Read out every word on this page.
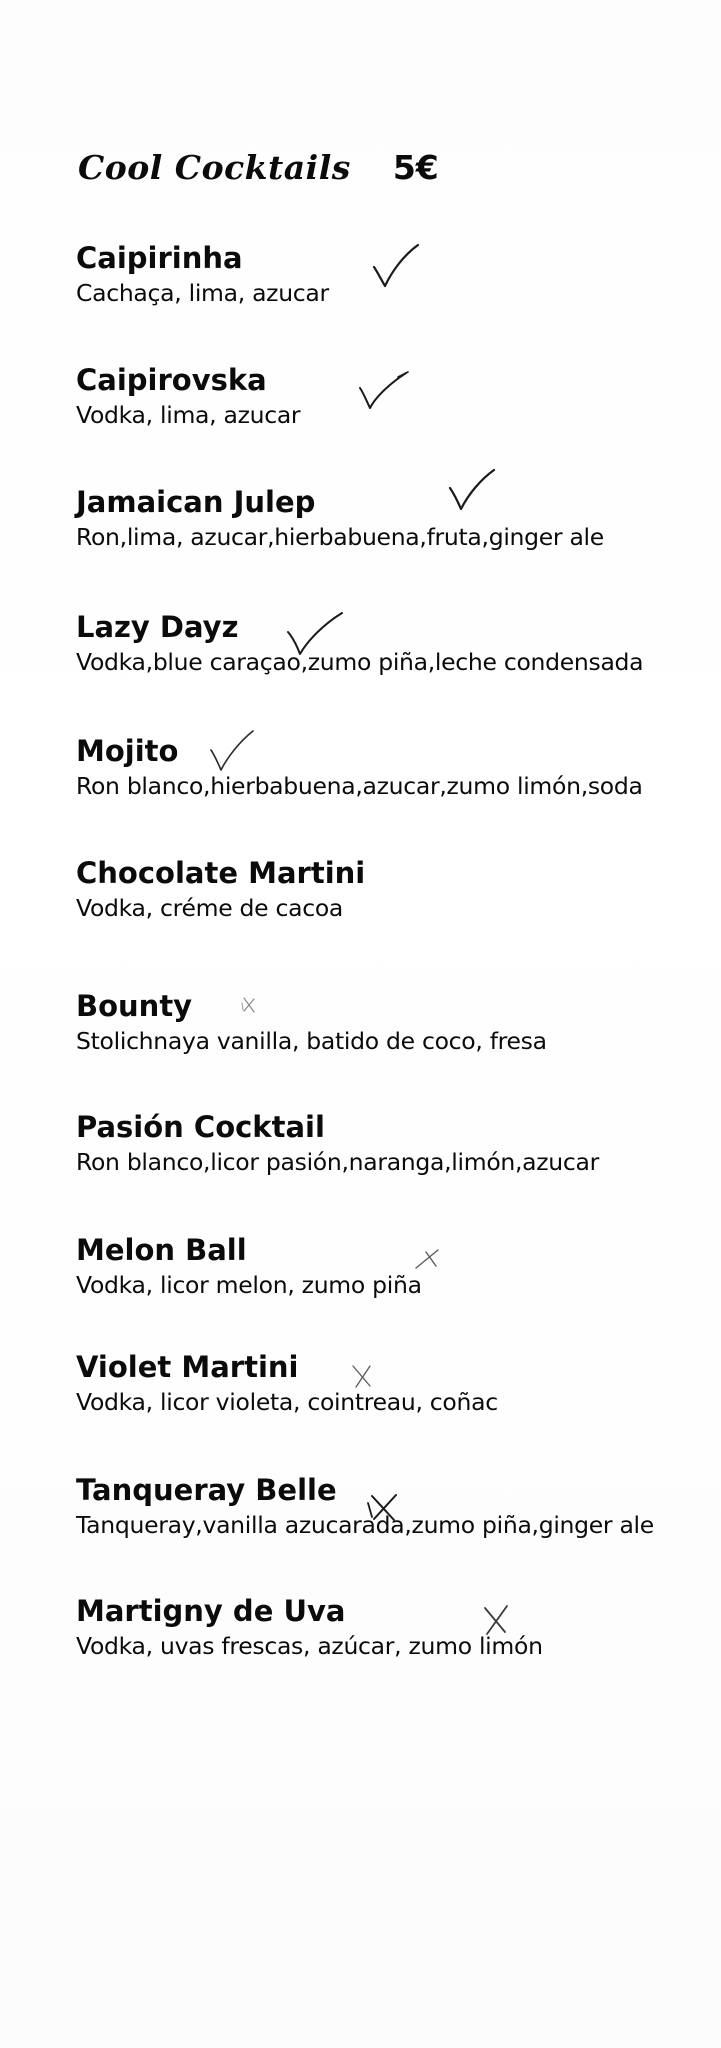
Cool Cocktails 5€
Caipirinha
Cachaça, lima, azucar
Caipirovska
Vodka, lima, azucar
Jamaican Julep
Ron,lima, azucar,hierbabuena,fruta,ginger ale
Lazy Dayz
Vodka,blue caraçao,zumo piña,leche condensada
Mojito
Ron blanco,hierbabuena,azucar,zumo limón,soda
Chocolate Martini
Vodka, créme de cacoa
Bounty
Stolichnaya vanilla, batido de coco, fresa
Pasión Cocktail
Ron blanco,licor pasión,naranga,limón,azucar
Melon Ball
Vodka, licor melon, zumo piña
Violet Martini
Vodka, licor violeta, cointreau, coñac
Tanqueray Belle
Tanqueray,vanilla azucarada,zumo piña,ginger ale
Martigny de Uva
Vodka, uvas frescas, azúcar, zumo limón
